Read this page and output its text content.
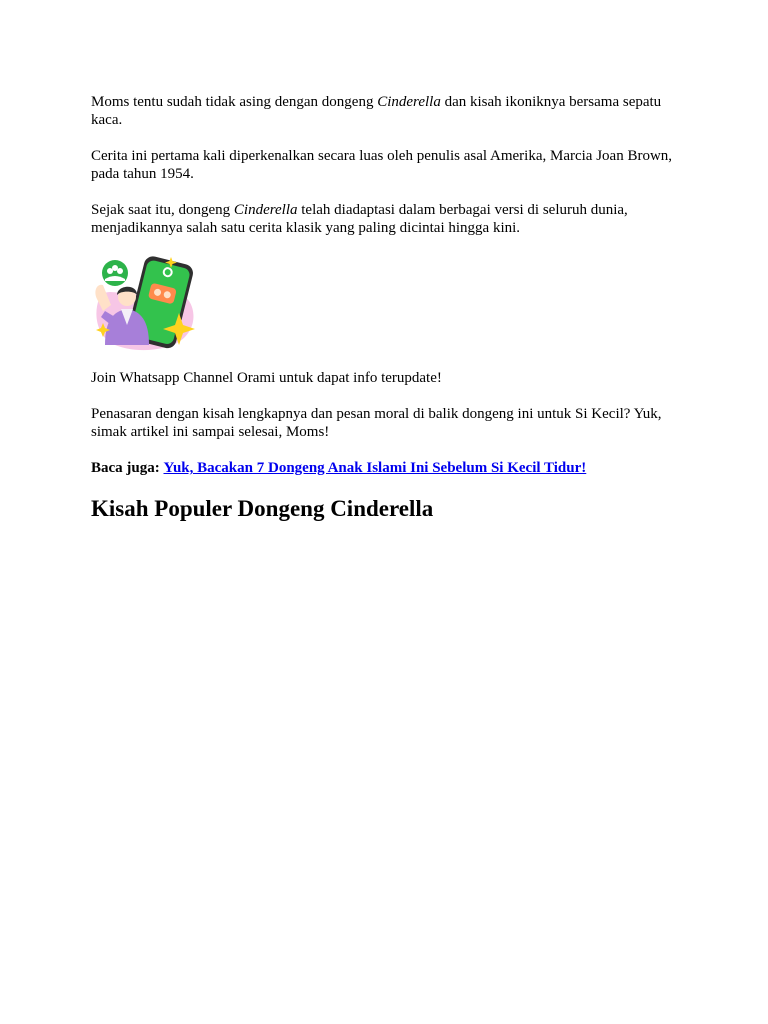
Moms tentu sudah tidak asing dengan dongeng Cinderella dan kisah ikoniknya bersama sepatu kaca.

Cerita ini pertama kali diperkenalkan secara luas oleh penulis asal Amerika, Marcia Joan Brown, pada tahun 1954.

Sejak saat itu, dongeng Cinderella telah diadaptasi dalam berbagai versi di seluruh dunia, menjadikannya salah satu cerita klasik yang paling dicintai hingga kini.

Join Whatsapp Channel Orami untuk dapat info terupdate!

Penasaran dengan kisah lengkapnya dan pesan moral di balik dongeng ini untuk Si Kecil? Yuk, simak artikel ini sampai selesai, Moms!

Baca juga: Yuk, Bacakan 7 Dongeng Anak Islami Ini Sebelum Si Kecil Tidur!

Kisah Populer Dongeng Cinderella
